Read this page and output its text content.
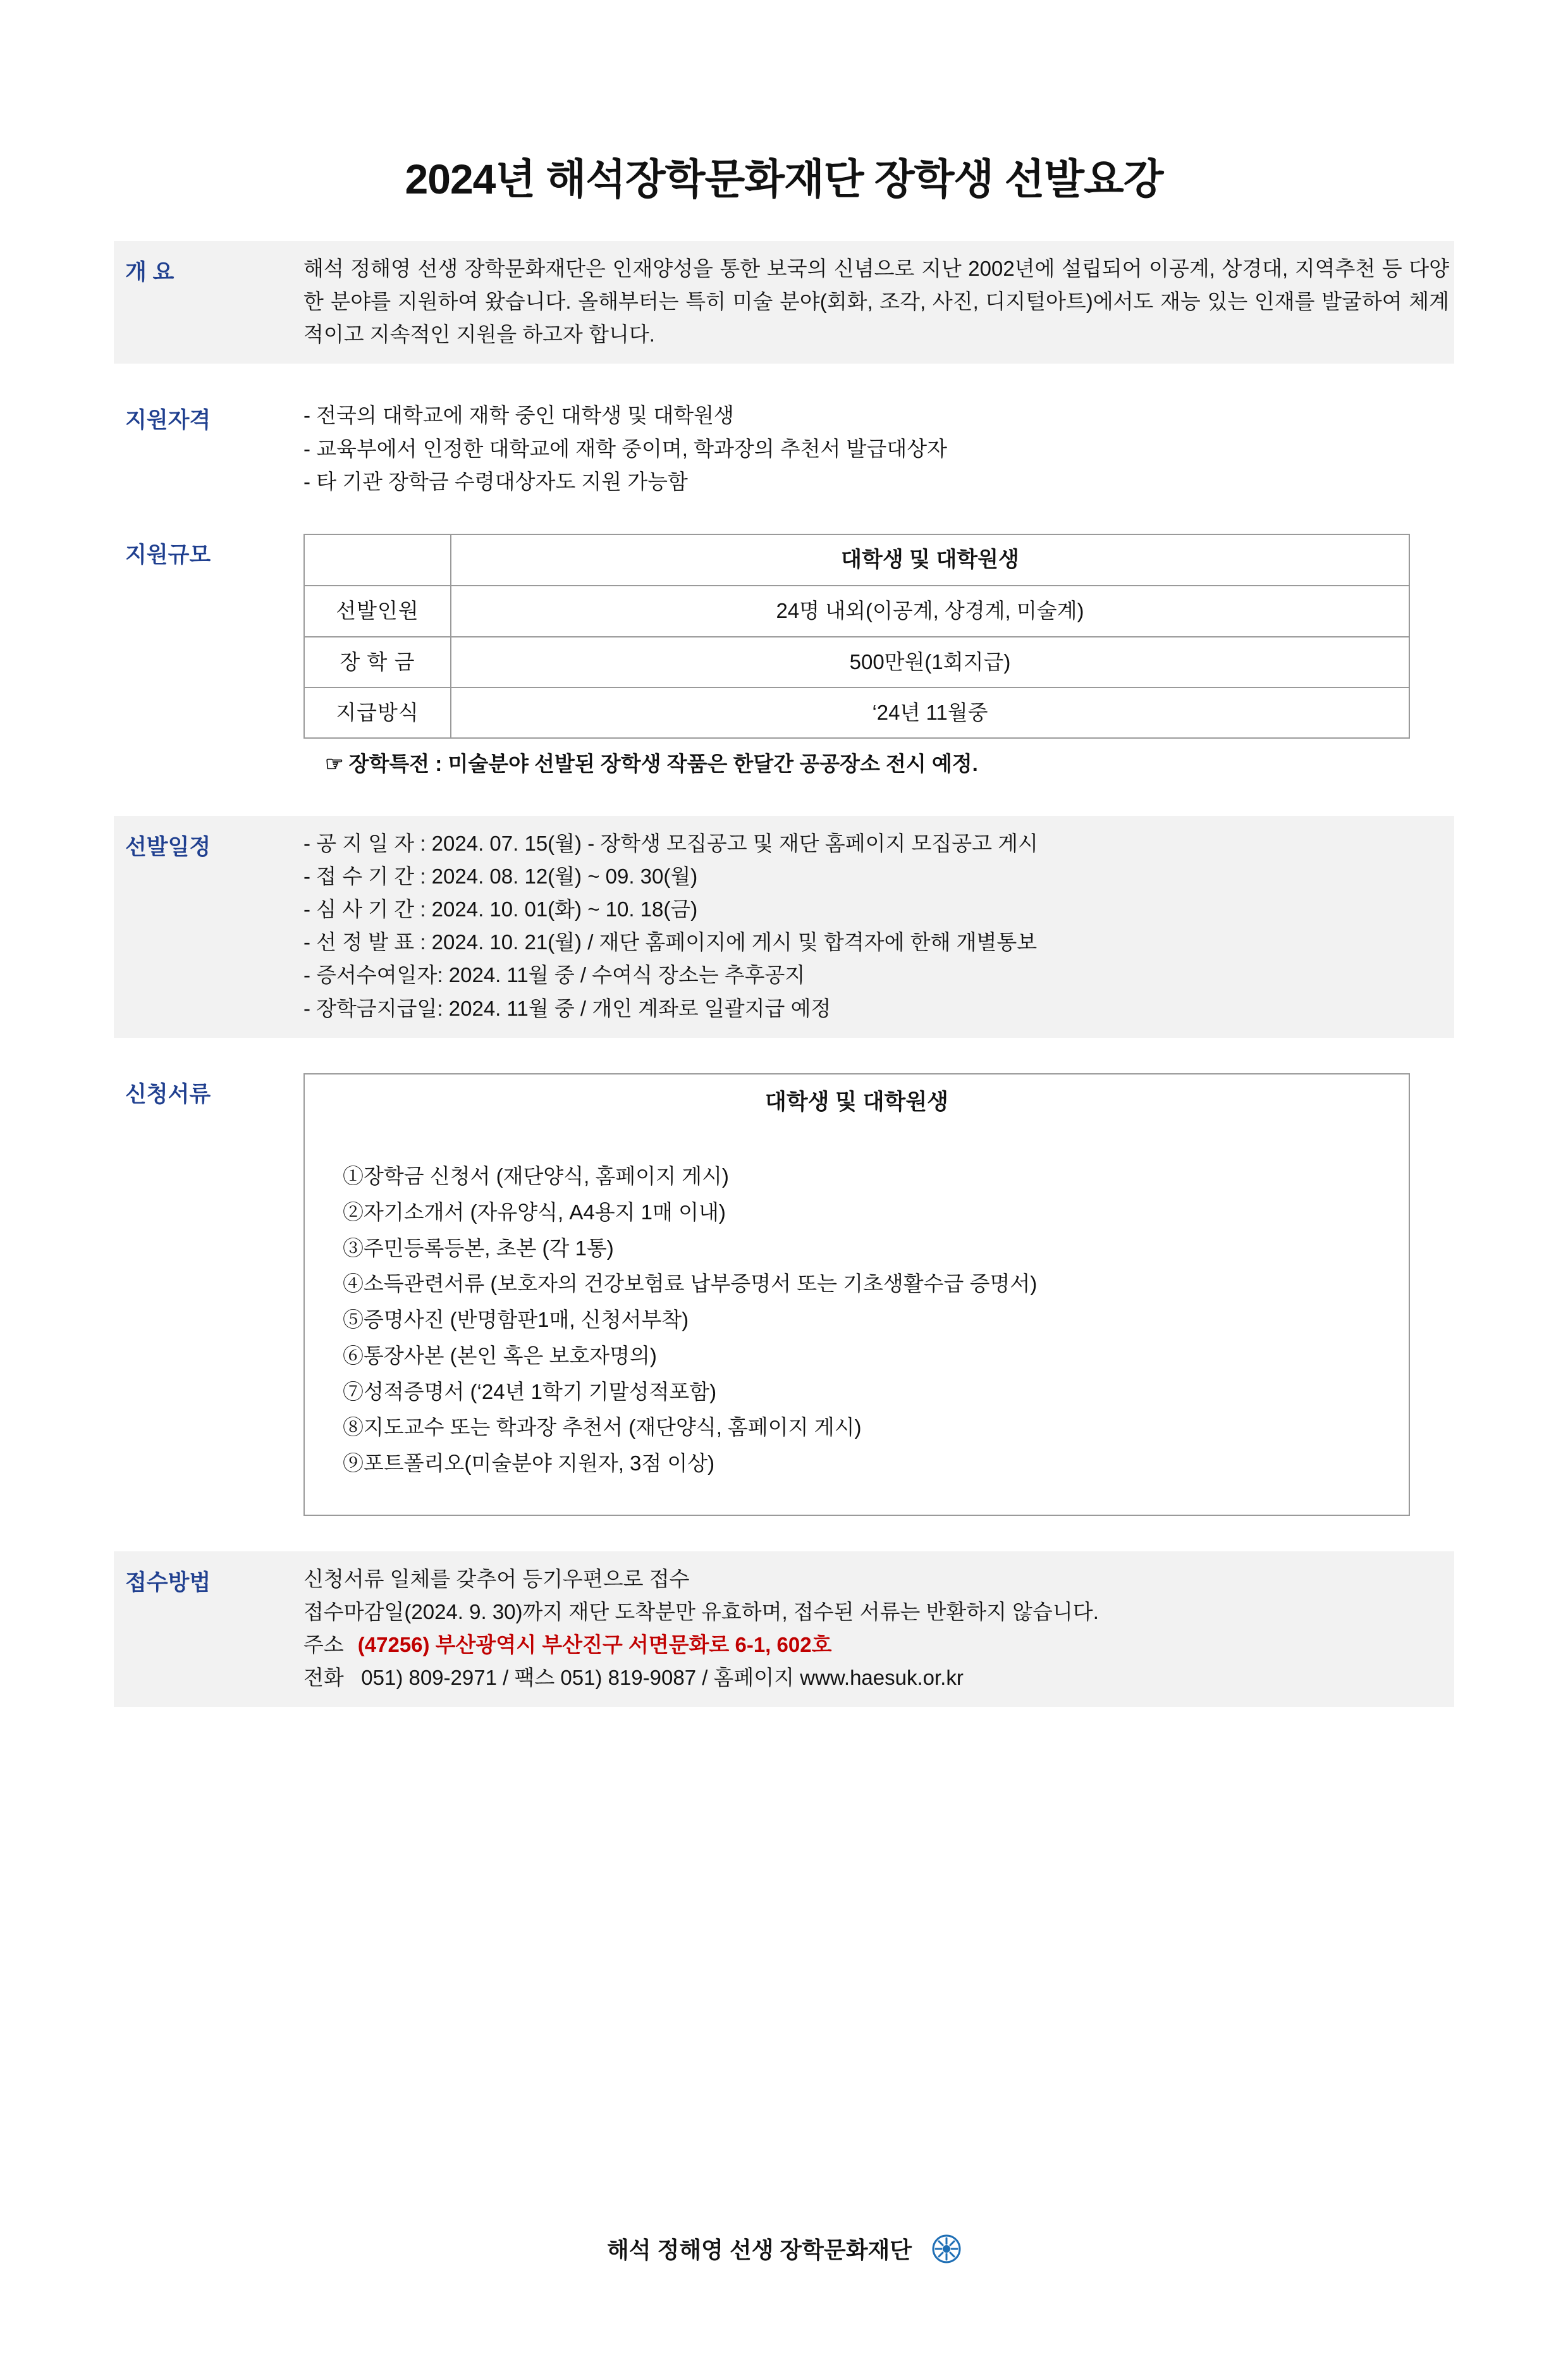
2024년 해석장학문화재단 장학생 선발요강
개 요	해석 정해영 선생 장학문화재단은 인재양성을 통한 보국의 신념으로 지난 2002년에 설립되어 이공계, 상경대, 지역추천 등 다양한 분야를 지원하여 왔습니다. 올해부터는 특히 미술 분야(회화, 조각, 사진, 디지털아트)에서도 재능 있는 인재를 발굴하여 체계적이고 지속적인 지원을 하고자 합니다.
지원자격	- 전국의 대학교에 재학 중인 대학생 및 대학원생
- 교육부에서 인정한 대학교에 재학 중이며, 학과장의 추천서 발급대상자
- 타 기관 장학금 수령대상자도 지원 가능함
지원규모
		대학생 및 대학원생
선발인원	24명 내외(이공계, 상경계, 미술계)
장 학 금	500만원(1회지급)
지급방식	‘24년 11월중
☞ 장학특전 : 미술분야 선발된 장학생 작품은 한달간 공공장소 전시 예정.
선발일정	- 공 지 일 자 : 2024. 07. 15(월) - 장학생 모집공고 및 재단 홈페이지 모집공고 게시
- 접 수 기 간 : 2024. 08. 12(월) ~ 09. 30(월)
- 심 사 기 간 : 2024. 10. 01(화) ~ 10. 18(금)
- 선 정 발 표 : 2024. 10. 21(월) / 재단 홈페이지에 게시 및 합격자에 한해 개별통보
- 증서수여일자: 2024. 11월 중 / 수여식 장소는 추후공지
- 장학금지급일: 2024. 11월 중 / 개인 계좌로 일괄지급 예정
신청서류	대학생 및 대학원생
①장학금 신청서 (재단양식, 홈페이지 게시)
②자기소개서 (자유양식, A4용지 1매 이내)
③주민등록등본, 초본 (각 1통)
④소득관련서류 (보호자의 건강보험료 납부증명서 또는 기초생활수급 증명서)
⑤증명사진 (반명함판1매, 신청서부착)
⑥통장사본 (본인 혹은 보호자명의)
⑦성적증명서 (‘24년 1학기 기말성적포함)
⑧지도교수 또는 학과장 추천서 (재단양식, 홈페이지 게시)
⑨포트폴리오(미술분야 지원자, 3점 이상)
접수방법	신청서류 일체를 갖추어 등기우편으로 접수
접수마감일(2024. 9. 30)까지 재단 도착분만 유효하며, 접수된 서류는 반환하지 않습니다.
주소 (47256) 부산광역시 부산진구 서면문화로 6-1, 602호
전화   051) 809-2971 / 팩스 051) 819-9087 / 홈페이지 www.haesuk.or.kr
해석 정해영 선생 장학문화재단
